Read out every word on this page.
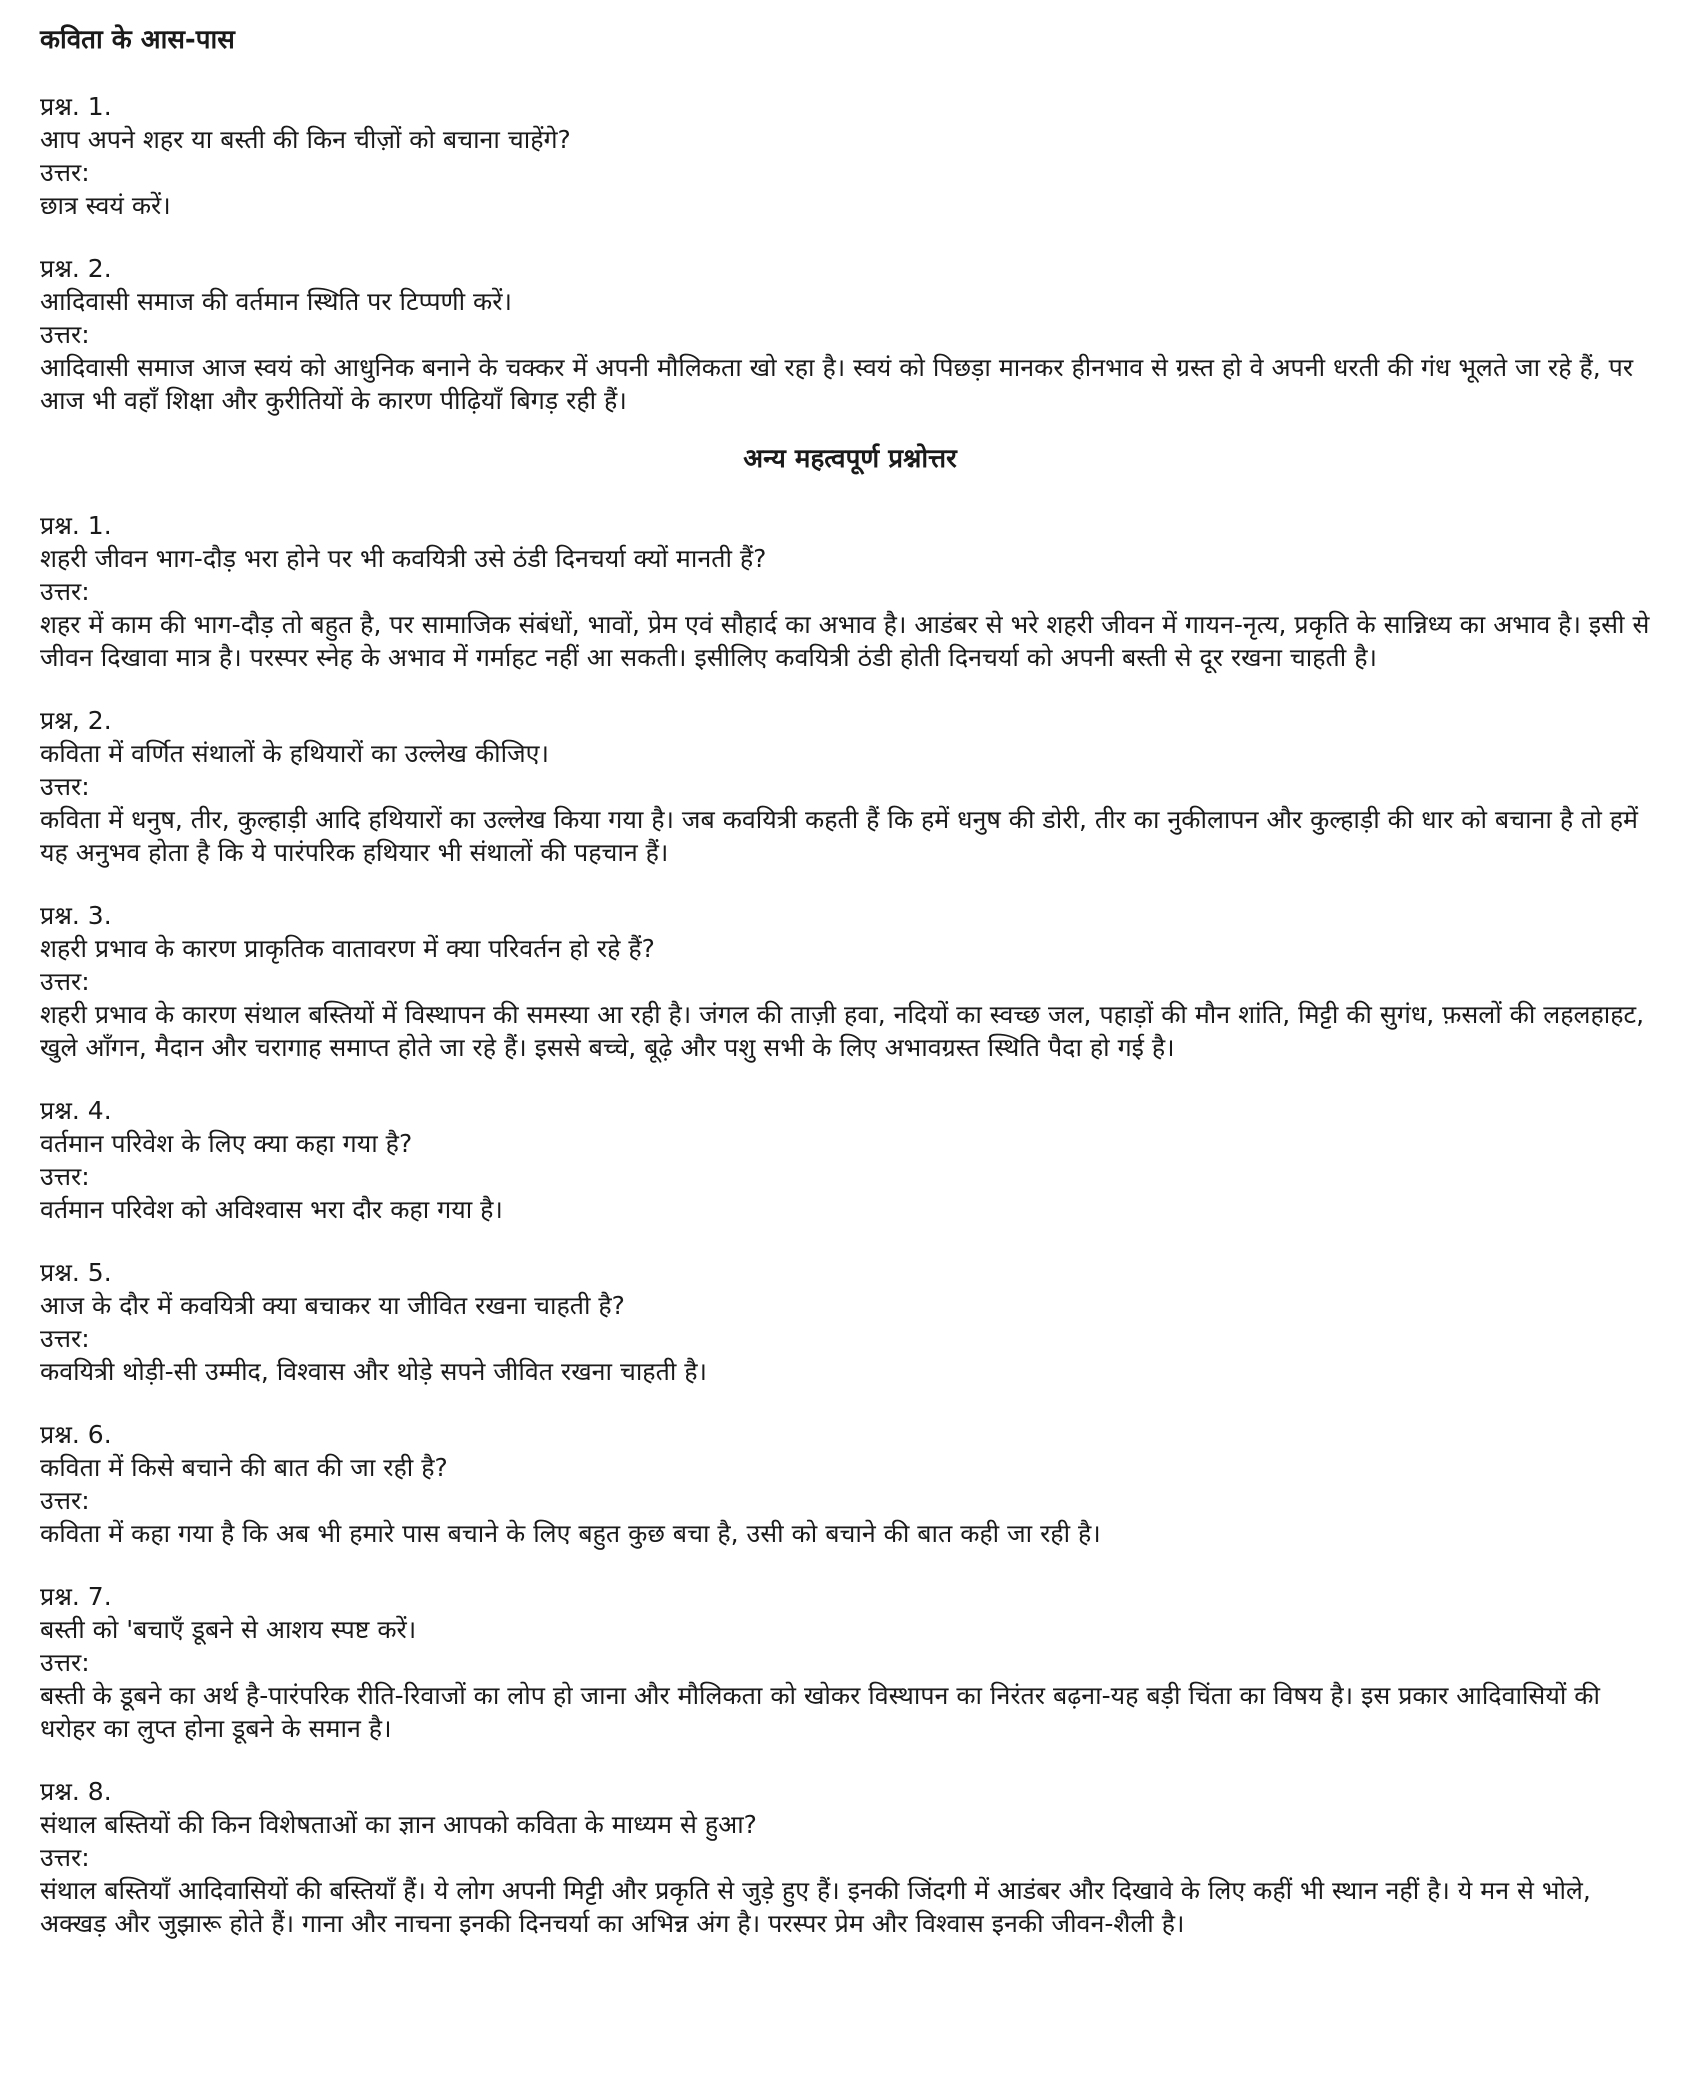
कविता के आस-पास

प्रश्न. 1.

आप अपने शहर या बस्ती की किन चीज़ों को बचाना चाहेंगे?

उत्तर:

छात्र स्वयं करें।

प्रश्न. 2.

आदिवासी समाज की वर्तमान स्थिति पर टिप्पणी करें।

उत्तर:

आदिवासी समाज आज स्वयं को आधुनिक बनाने के चक्कर में अपनी मौलिकता खो रहा है। स्वयं को पिछड़ा मानकर हीनभाव से ग्रस्त हो वे अपनी धरती की गंध भूलते जा रहे हैं, पर आज भी वहाँ शिक्षा और कुरीतियों के कारण पीढ़ियाँ बिगड़ रही हैं।

अन्य महत्वपूर्ण प्रश्नोत्तर

प्रश्न. 1.

शहरी जीवन भाग-दौड़ भरा होने पर भी कवयित्री उसे ठंडी दिनचर्या क्यों मानती हैं?

उत्तर:

शहर में काम की भाग-दौड़ तो बहुत है, पर सामाजिक संबंधों, भावों, प्रेम एवं सौहार्द का अभाव है। आडंबर से भरे शहरी जीवन में गायन-नृत्य, प्रकृति के सान्निध्य का अभाव है। इसी से जीवन दिखावा मात्र है। परस्पर स्नेह के अभाव में गर्माहट नहीं आ सकती। इसीलिए कवयित्री ठंडी होती दिनचर्या को अपनी बस्ती से दूर रखना चाहती है।

प्रश्न, 2.

कविता में वर्णित संथालों के हथियारों का उल्लेख कीजिए।

उत्तर:

कविता में धनुष, तीर, कुल्हाड़ी आदि हथियारों का उल्लेख किया गया है। जब कवयित्री कहती हैं कि हमें धनुष की डोरी, तीर का नुकीलापन और कुल्हाड़ी की धार को बचाना है तो हमें यह अनुभव होता है कि ये पारंपरिक हथियार भी संथालों की पहचान हैं।

प्रश्न. 3.

शहरी प्रभाव के कारण प्राकृतिक वातावरण में क्या परिवर्तन हो रहे हैं?

उत्तर:

शहरी प्रभाव के कारण संथाल बस्तियों में विस्थापन की समस्या आ रही है। जंगल की ताज़ी हवा, नदियों का स्वच्छ जल, पहाड़ों की मौन शांति, मिट्टी की सुगंध, फ़सलों की लहलहाहट, खुले आँगन, मैदान और चरागाह समाप्त होते जा रहे हैं। इससे बच्चे, बूढ़े और पशु सभी के लिए अभावग्रस्त स्थिति पैदा हो गई है।

प्रश्न. 4.

वर्तमान परिवेश के लिए क्या कहा गया है?

उत्तर:

वर्तमान परिवेश को अविश्वास भरा दौर कहा गया है।

प्रश्न. 5.

आज के दौर में कवयित्री क्या बचाकर या जीवित रखना चाहती है?

उत्तर:

कवयित्री थोड़ी-सी उम्मीद, विश्वास और थोड़े सपने जीवित रखना चाहती है।

प्रश्न. 6.

कविता में किसे बचाने की बात की जा रही है?

उत्तर:

कविता में कहा गया है कि अब भी हमारे पास बचाने के लिए बहुत कुछ बचा है, उसी को बचाने की बात कही जा रही है।

प्रश्न. 7.

बस्ती को 'बचाएँ डूबने से आशय स्पष्ट करें।

उत्तर:

बस्ती के डूबने का अर्थ है-पारंपरिक रीति-रिवाजों का लोप हो जाना और मौलिकता को खोकर विस्थापन का निरंतर बढ़ना-यह बड़ी चिंता का विषय है। इस प्रकार आदिवासियों की धरोहर का लुप्त होना डूबने के समान है।

प्रश्न. 8.

संथाल बस्तियों की किन विशेषताओं का ज्ञान आपको कविता के माध्यम से हुआ?

उत्तर:

संथाल बस्तियाँ आदिवासियों की बस्तियाँ हैं। ये लोग अपनी मिट्टी और प्रकृति से जुड़े हुए हैं। इनकी जिंदगी में आडंबर और दिखावे के लिए कहीं भी स्थान नहीं है। ये मन से भोले, अक्खड़ और जुझारू होते हैं। गाना और नाचना इनकी दिनचर्या का अभिन्न अंग है। परस्पर प्रेम और विश्वास इनकी जीवन-शैली है।
